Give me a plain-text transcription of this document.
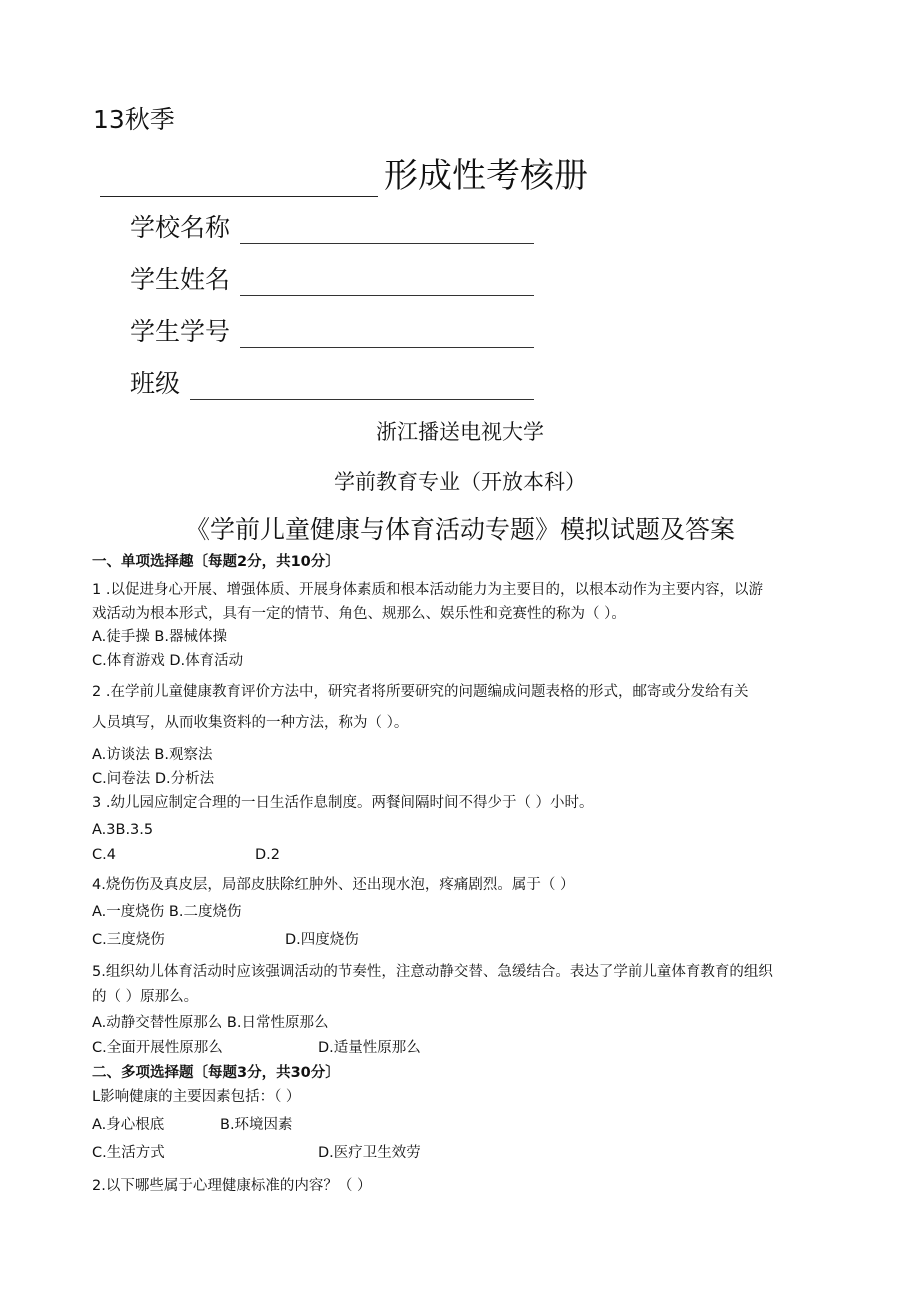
13秋季
形成性考核册
学校名称
学生姓名
学生学号
班级
浙江播送电视大学
学前教育专业（开放本科）
《学前儿童健康与体育活动专题》模拟试题及答案
一、单项选择趣〔每题2分，共10分〕
1 .以促进身心开展、增强体质、开展身体素质和根本活动能力为主要目的，以根本动作为主要内容，以游
戏活动为根本形式，具有一定的情节、角色、规那么、娱乐性和竞赛性的称为（ ）。
A.徒手操 B.器械体操
C.体育游戏 D.体育活动
2 .在学前儿童健康教育评价方法中，研究者将所要研究的问题编成问题表格的形式，邮寄或分发给有关
人员填写，从而收集资料的一种方法，称为（ ）。
A.访谈法 B.观察法
C.问卷法 D.分析法
3 .幼儿园应制定合理的一日生活作息制度。两餐间隔时间不得少于（ ）小时。
A.3B.3.5
C.4	D.2
4.烧伤伤及真皮层，局部皮肤除红肿外、还出现水泡，疼痛剧烈。属于（ ）
A.一度烧伤 B.二度烧伤
C.三度烧伤	D.四度烧伤
5.组织幼儿体育活动时应该强调活动的节奏性，注意动静交替、急缓结合。表达了学前儿童体育教育的组织
的（ ）原那么。
A.动静交替性原那么 B.日常性原那么
C.全面开展性原那么	D.适量性原那么
二、多项选择题〔每题3分，共30分〕
L影响健康的主要因素包括：（ ）
A.身心根底	B.环境因素
C.生活方式	D.医疗卫生效劳
2.以下哪些属于心理健康标准的内容？（ ）
